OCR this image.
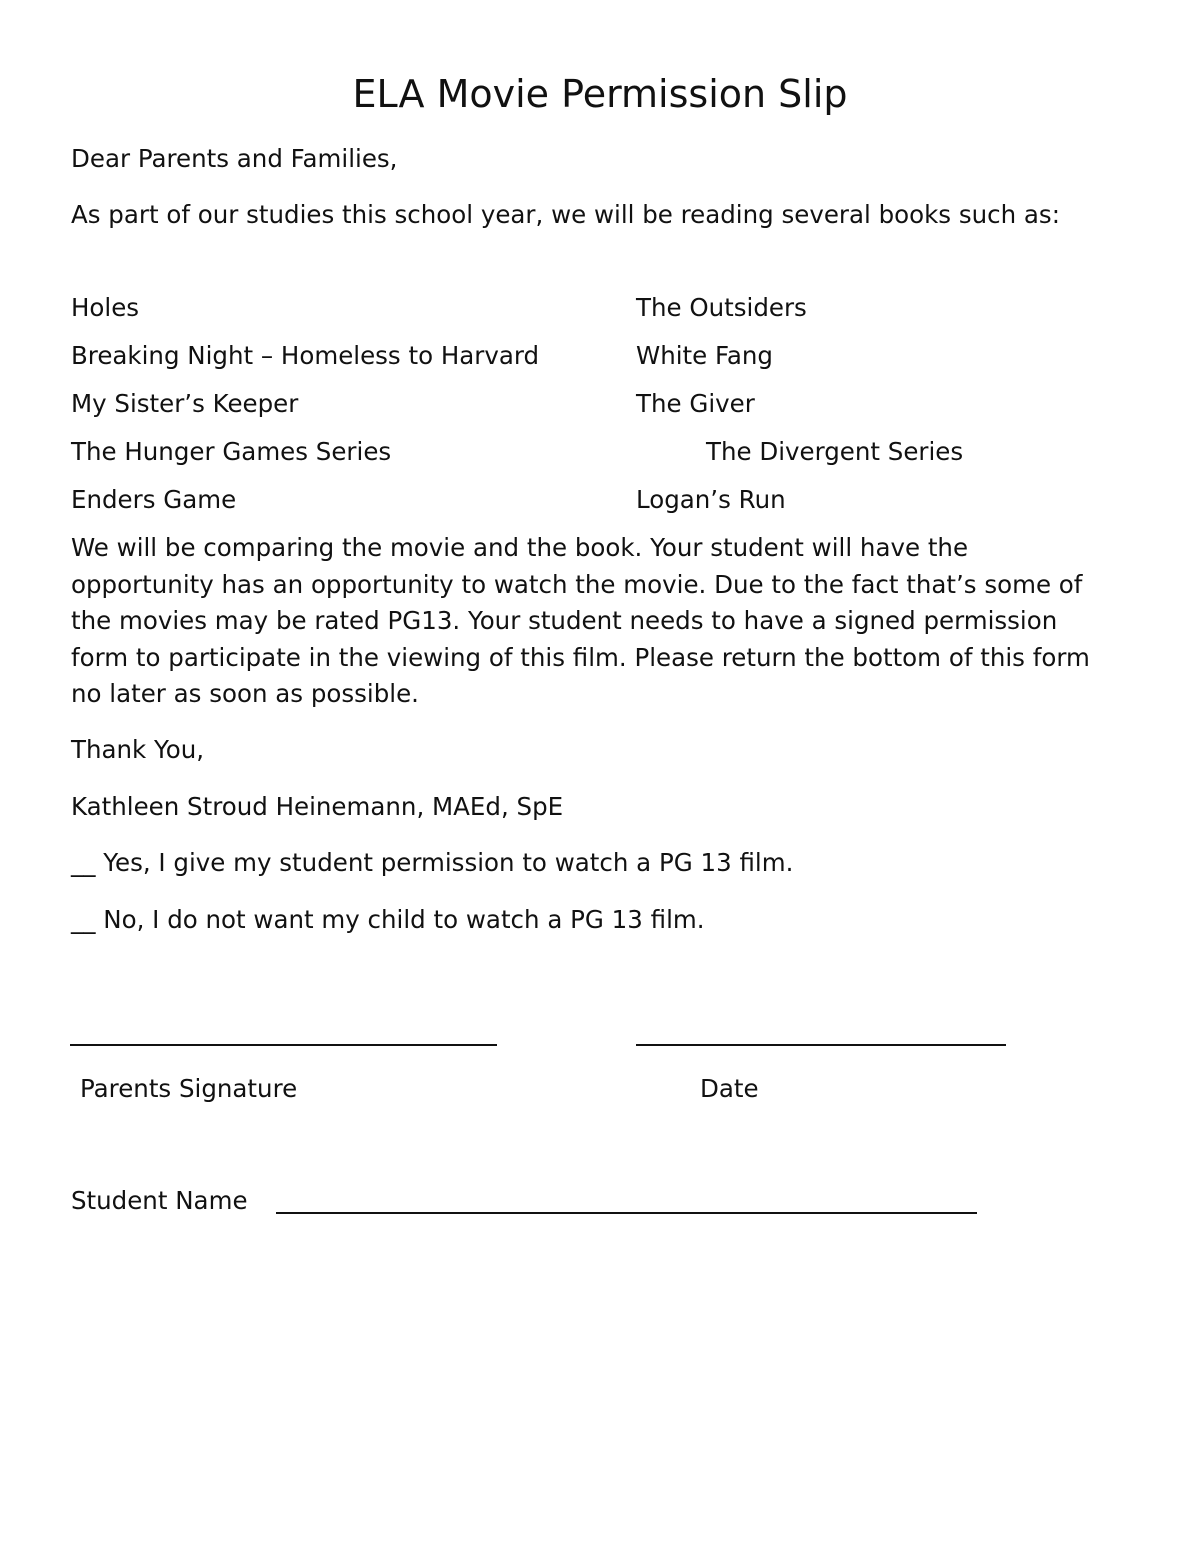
ELA Movie Permission Slip
Dear Parents and Families,
As part of our studies this school year, we will be reading several books such as:
Holes
Breaking Night – Homeless to Harvard
My Sister’s Keeper
The Hunger Games Series
Enders Game
The Outsiders
White Fang
The Giver
The Divergent Series
Logan’s Run
We will be comparing the movie and the book. Your student will have the opportunity has an opportunity to watch the movie. Due to the fact that’s some of the movies may be rated PG13. Your student needs to have a signed permission form to participate in the viewing of this film. Please return the bottom of this form no later as soon as possible.
Thank You,
Kathleen Stroud Heinemann, MAEd, SpE
__ Yes, I give my student permission to watch a PG 13 film.
__ No, I do not want my child to watch a PG 13 film.
Parents Signature	Date
Student Name
